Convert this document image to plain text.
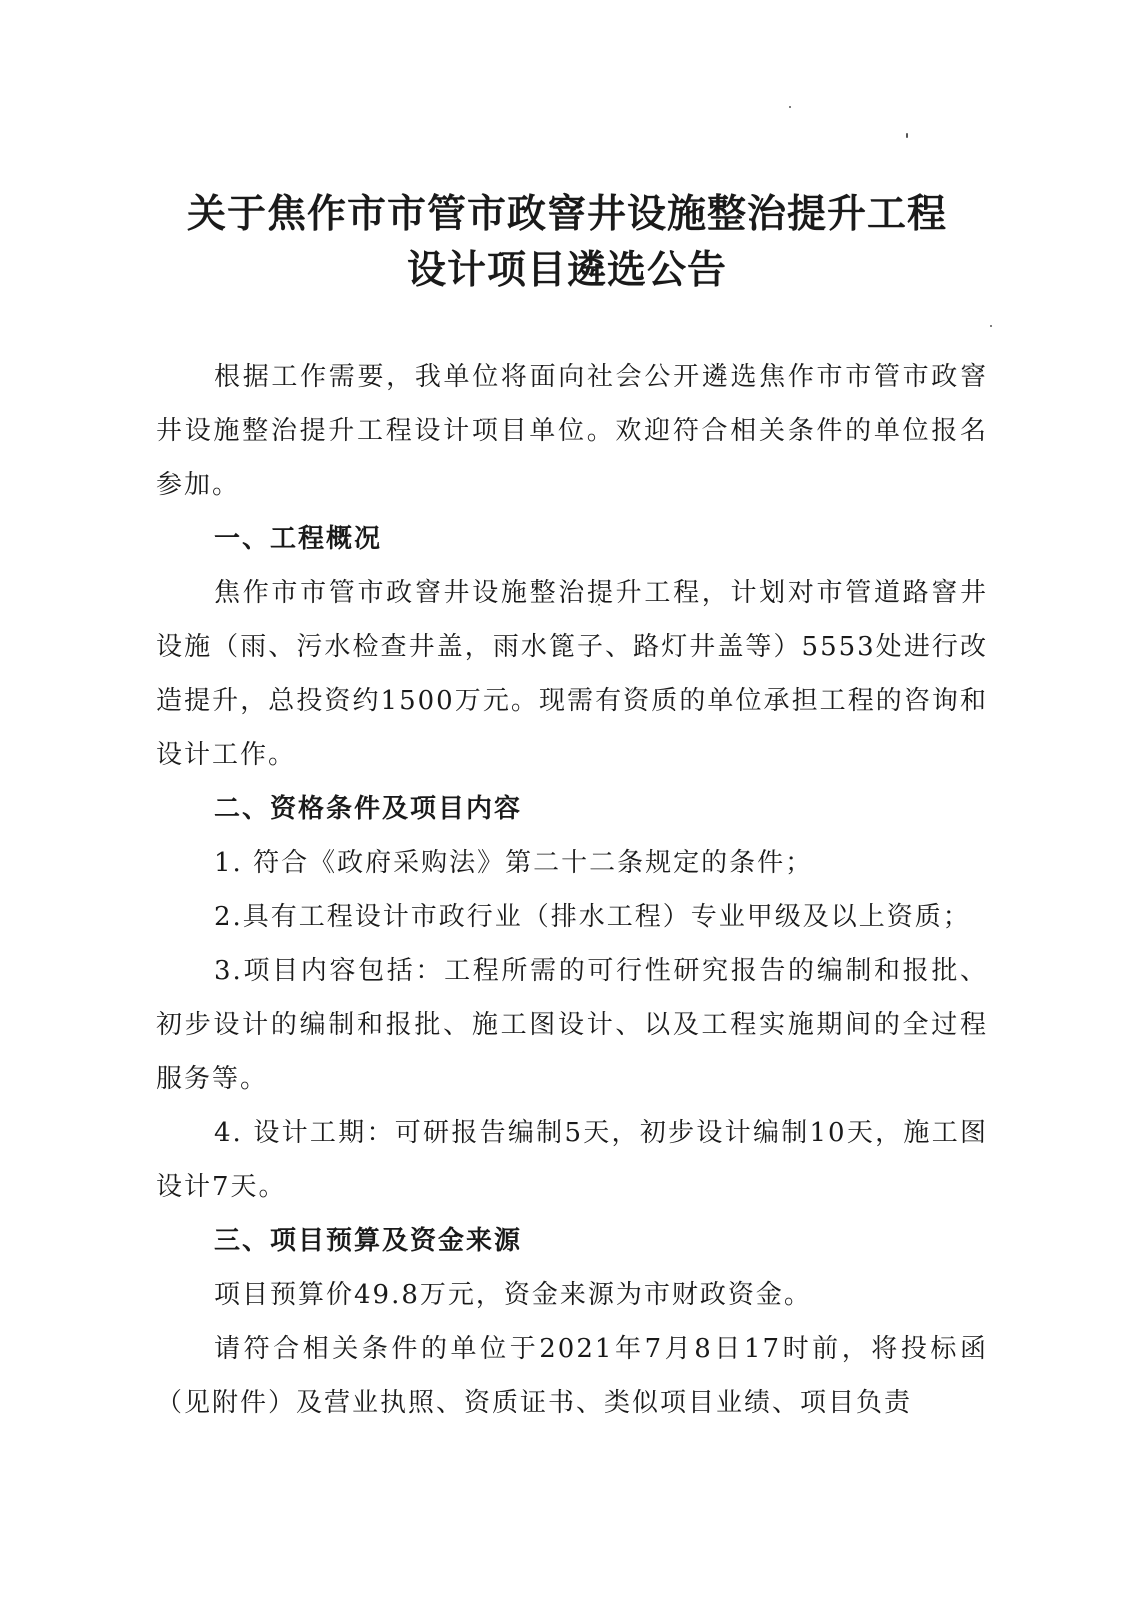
关于焦作市市管市政窨井设施整治提升工程
设计项目遴选公告

根据工作需要，我单位将面向社会公开遴选焦作市市管市政窨井设施整治提升工程设计项目单位。欢迎符合相关条件的单位报名参加。

一、工程概况

焦作市市管市政窨井设施整治提升工程，计划对市管道路窨井设施（雨、污水检查井盖，雨水篦子、路灯井盖等）5553处进行改造提升，总投资约1500万元。现需有资质的单位承担工程的咨询和设计工作。

二、资格条件及项目内容

1. 符合《政府采购法》第二十二条规定的条件；

2.具有工程设计市政行业（排水工程）专业甲级及以上资质；

3.项目内容包括：工程所需的可行性研究报告的编制和报批、初步设计的编制和报批、施工图设计、以及工程实施期间的全过程服务等。

4. 设计工期：可研报告编制5天，初步设计编制10天，施工图设计7天。

三、项目预算及资金来源

项目预算价49.8万元，资金来源为市财政资金。

请符合相关条件的单位于2021年7月8日17时前，将投标函（见附件）及营业执照、资质证书、类似项目业绩、项目负责
